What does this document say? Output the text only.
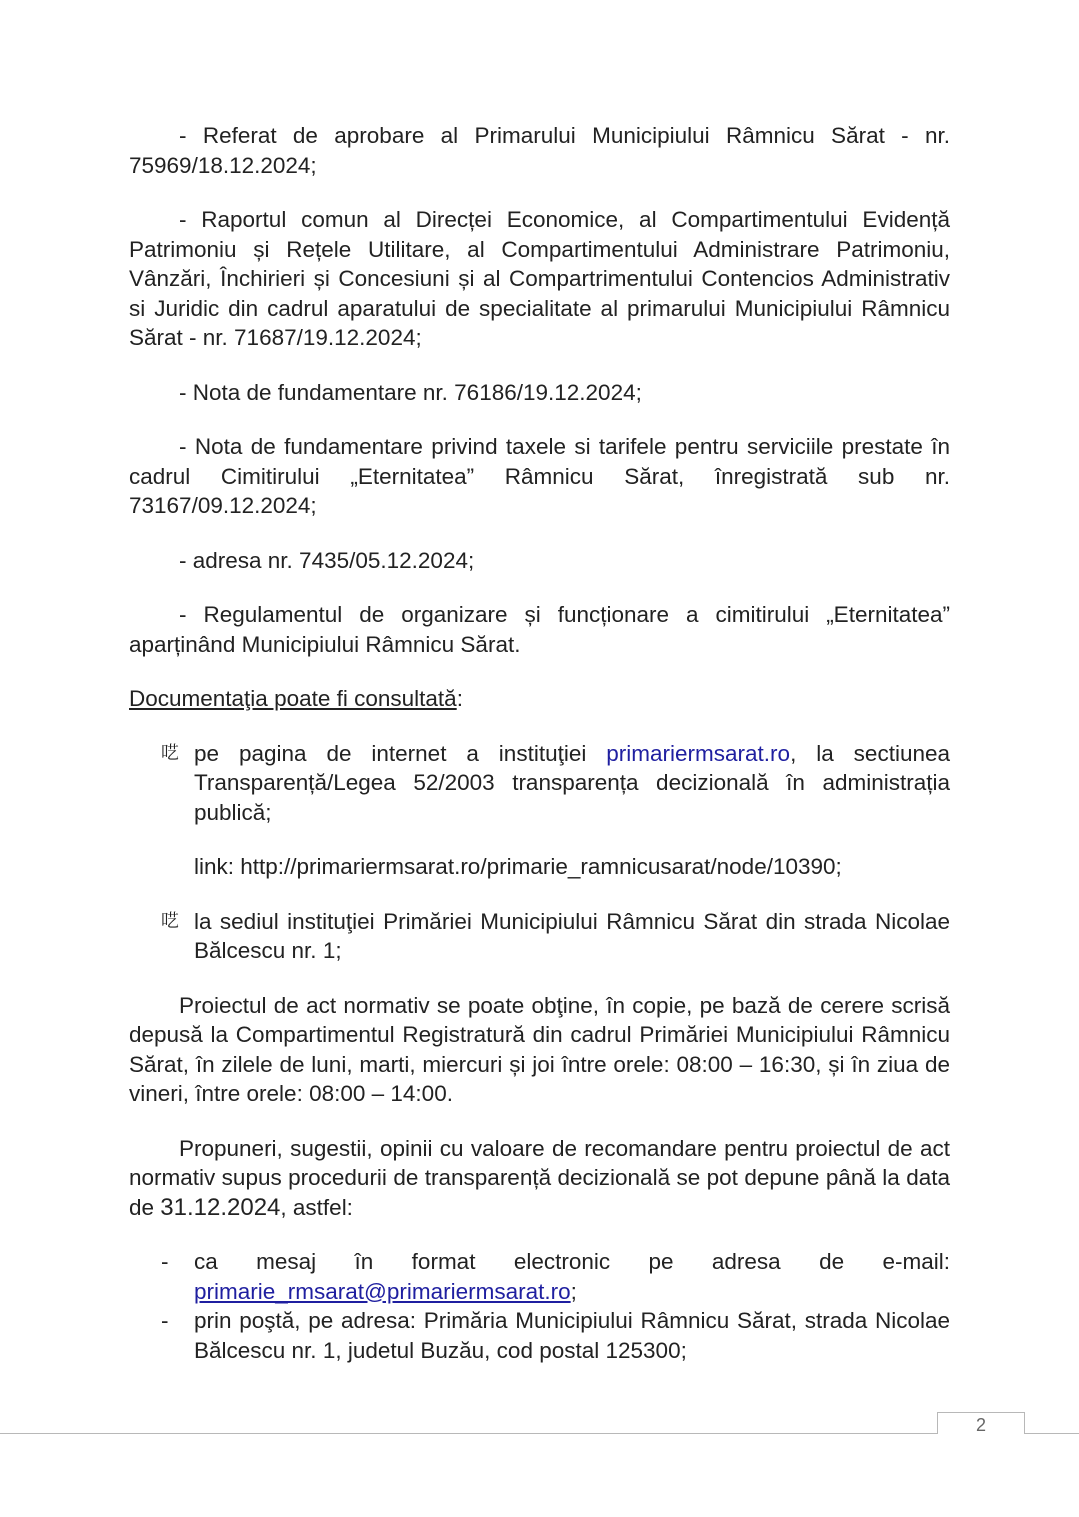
- Referat de aprobare al Primarului Municipiului Râmnicu Sărat - nr. 75969/18.12.2024;

- Raportul comun al Direcței Economice, al Compartimentului Evidență Patrimoniu și Rețele Utilitare, al Compartimentului Administrare Patrimoniu, Vânzări, Închirieri și Concesiuni și al Compartrimentului Contencios Administrativ si Juridic din cadrul aparatului de specialitate al primarului Municipiului Râmnicu Sărat - nr. 71687/19.12.2024;

- Nota de fundamentare nr. 76186/19.12.2024;

- Nota de fundamentare privind taxele si tarifele pentru serviciile prestate în cadrul Cimitirului „Eternitatea” Râmnicu Sărat, înregistrată sub nr. 73167/09.12.2024;

- adresa nr. 7435/05.12.2024;

- Regulamentul de organizare și funcționare a cimitirului „Eternitatea” aparținând Municipiului Râmnicu Sărat.

Documentaţia poate fi consultată:

呓 pe pagina de internet a instituţiei primariermsarat.ro, la sectiunea Transparență/Legea 52/2003 transparența decizională în administrația publică;

link: http://primariermsarat.ro/primarie_ramnicusarat/node/10390;

呓 la sediul instituţiei Primăriei Municipiului Râmnicu Sărat din strada Nicolae Bălcescu nr. 1;

Proiectul de act normativ se poate obţine, în copie, pe bază de cerere scrisă depusă la Compartimentul Registratură din cadrul Primăriei Municipiului Râmnicu Sărat, în zilele de luni, marti, miercuri și joi între orele: 08:00 – 16:30, și în ziua de vineri, între orele: 08:00 – 14:00.

Propuneri, sugestii, opinii cu valoare de recomandare pentru proiectul de act normativ supus procedurii de transparență decizională se pot depune până la data de 31.12.2024, astfel:

-	ca mesaj în format electronic pe adresa de e-mail: primarie_rmsarat@primariermsarat.ro;
-	prin poştă, pe adresa: Primăria Municipiului Râmnicu Sărat, strada Nicolae Bălcescu nr. 1, judetul Buzău, cod postal 125300;
2
